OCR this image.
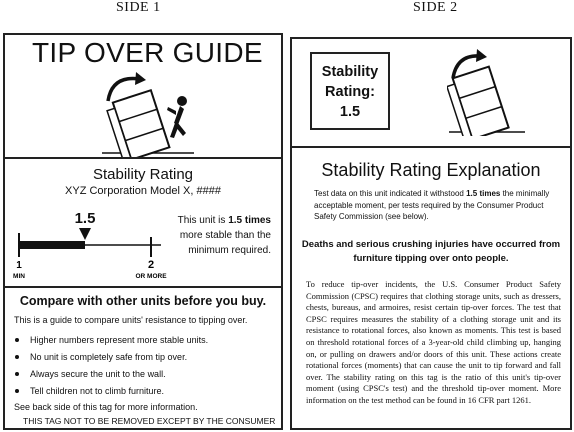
SIDE 1	SIDE 2
TIP OVER GUIDE
Stability Rating
XYZ Corporation Model X, ####
1.5
1
MIN
2
OR MORE
This unit is 1.5 times more stable than the minimum required.
Compare with other units before you buy.
This is a guide to compare units' resistance to tipping over.
Higher numbers represent more stable units.
No unit is completely safe from tip over.
Always secure the unit to the wall.
Tell children not to climb furniture.
See back side of this tag for more information.
THIS TAG NOT TO BE REMOVED EXCEPT BY THE CONSUMER
Stability
Rating:
1.5
Stability Rating Explanation
Test data on this unit indicated it withstood 1.5 times the minimally acceptable moment, per tests required by the Consumer Product Safety Commission (see below).
Deaths and serious crushing injuries have occurred from
furniture tipping over onto people.
To reduce tip-over incidents, the U.S. Consumer Product Safety Commission (CPSC) requires that clothing storage units, such as dressers, chests, bureaus, and armoires, resist certain tip-over forces. The test that CPSC requires measures the stability of a clothing storage unit and its resistance to rotational forces, also known as moments. This test is based on threshold rotational forces of a 3-year-old child climbing up, hanging on, or pulling on drawers and/or doors of this unit. These actions create rotational forces (moments) that can cause the unit to tip forward and fall over. The stability rating on this tag is the ratio of this unit's tip-over moment (using CPSC's test) and the threshold tip-over moment. More information on the test method can be found in 16 CFR part 1261.
